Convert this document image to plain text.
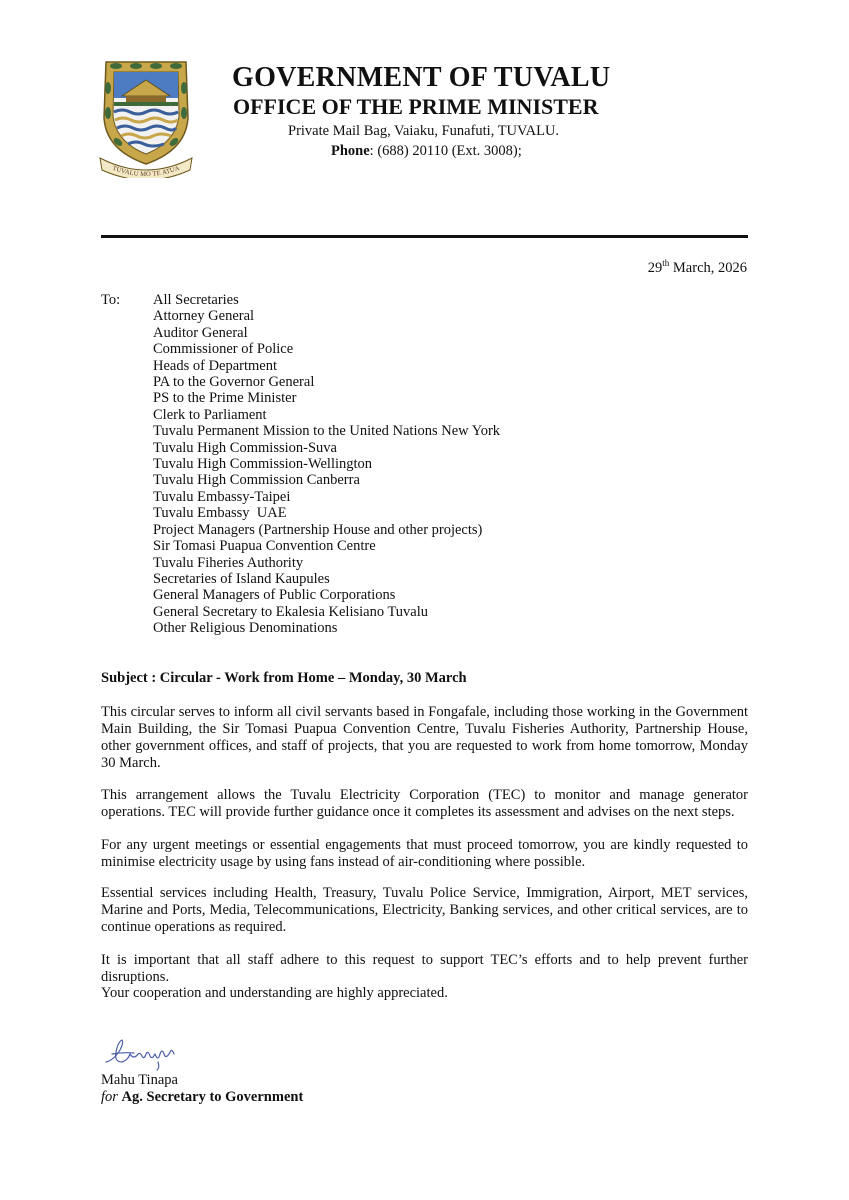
TUVALU MO TE ATUA
GOVERNMENT OF TUVALU
OFFICE OF THE PRIME MINISTER
Private Mail Bag, Vaiaku, Funafuti, TUVALU.
Phone: (688) 20110 (Ext. 3008);
29th March, 2026
To: All Secretaries
Attorney General
Auditor General
Commissioner of Police
Heads of Department
PA to the Governor General
PS to the Prime Minister
Clerk to Parliament
Tuvalu Permanent Mission to the United Nations New York
Tuvalu High Commission-Suva
Tuvalu High Commission-Wellington
Tuvalu High Commission Canberra
Tuvalu Embassy-Taipei
Tuvalu Embassy  UAE
Project Managers (Partnership House and other projects)
Sir Tomasi Puapua Convention Centre
Tuvalu Fiheries Authority
Secretaries of Island Kaupules
General Managers of Public Corporations
General Secretary to Ekalesia Kelisiano Tuvalu
Other Religious Denominations
Subject : Circular - Work from Home – Monday, 30 March

This circular serves to inform all civil servants based in Fongafale, including those working in the Government Main Building, the Sir Tomasi Puapua Convention Centre, Tuvalu Fisheries Authority, Partnership House, other government offices, and staff of projects, that you are requested to work from home tomorrow, Monday 30 March.

This arrangement allows the Tuvalu Electricity Corporation (TEC) to monitor and manage generator operations. TEC will provide further guidance once it completes its assessment and advises on the next steps.

For any urgent meetings or essential engagements that must proceed tomorrow, you are kindly requested to minimise electricity usage by using fans instead of air-conditioning where possible.

Essential services including Health, Treasury, Tuvalu Police Service, Immigration, Airport, MET services, Marine and Ports, Media, Telecommunications, Electricity, Banking services, and other critical services, are to continue operations as required.

It is important that all staff adhere to this request to support TEC’s efforts and to help prevent further disruptions.

Your cooperation and understanding are highly appreciated.

Mahu Tinapa
for Ag. Secretary to Government
